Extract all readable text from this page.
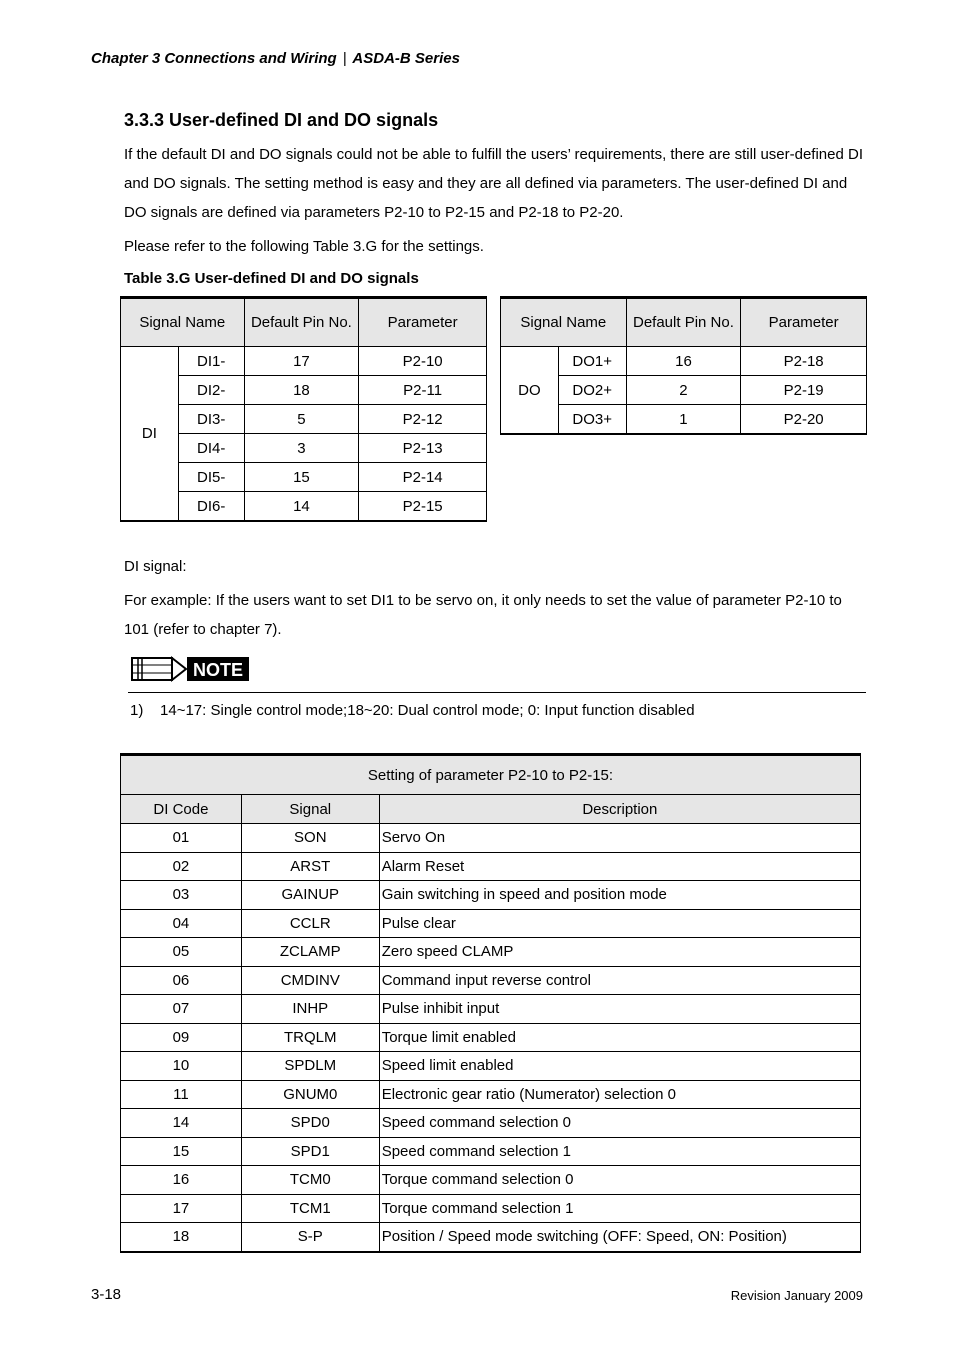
Chapter 3 Connections and Wiring | ASDA-B Series
3.3.3 User-defined DI and DO signals
If the default DI and DO signals could not be able to fulfill the users’ requirements, there are still user-defined DI and DO signals. The setting method is easy and they are all defined via parameters. The user-defined DI and DO signals are defined via parameters P2-10 to P2-15 and P2-18 to P2-20.
Please refer to the following Table 3.G for the settings.
Table 3.G User-defined DI and DO signals
Signal Name		Default Pin No.	Parameter
DI	DI1-	17	P2-10
	DI2-	18	P2-11
	DI3-	5	P2-12
	DI4-	3	P2-13
	DI5-	15	P2-14
	DI6-	14	P2-15
Signal Name		Default Pin No.	Parameter
DO	DO1+	16	P2-18
	DO2+	2	P2-19
	DO3+	1	P2-20
DI signal:
For example: If the users want to set DI1 to be servo on, it only needs to set the value of parameter P2-10 to 101 (refer to chapter 7).
NOTE
1) 14~17: Single control mode;18~20: Dual control mode; 0: Input function disabled
Setting of parameter P2-10 to P2-15:		
DI Code	Signal	Description
01	SON	Servo On
02	ARST	Alarm Reset
03	GAINUP	Gain switching in speed and position mode
04	CCLR	Pulse clear
05	ZCLAMP	Zero speed CLAMP
06	CMDINV	Command input reverse control
07	INHP	Pulse inhibit input
09	TRQLM	Torque limit enabled
10	SPDLM	Speed limit enabled
11	GNUM0	Electronic gear ratio (Numerator) selection 0
14	SPD0	Speed command selection 0
15	SPD1	Speed command selection 1
16	TCM0	Torque command selection 0
17	TCM1	Torque command selection 1
18	S-P	Position / Speed mode switching (OFF: Speed, ON: Position)
3-18	Revision January 2009
